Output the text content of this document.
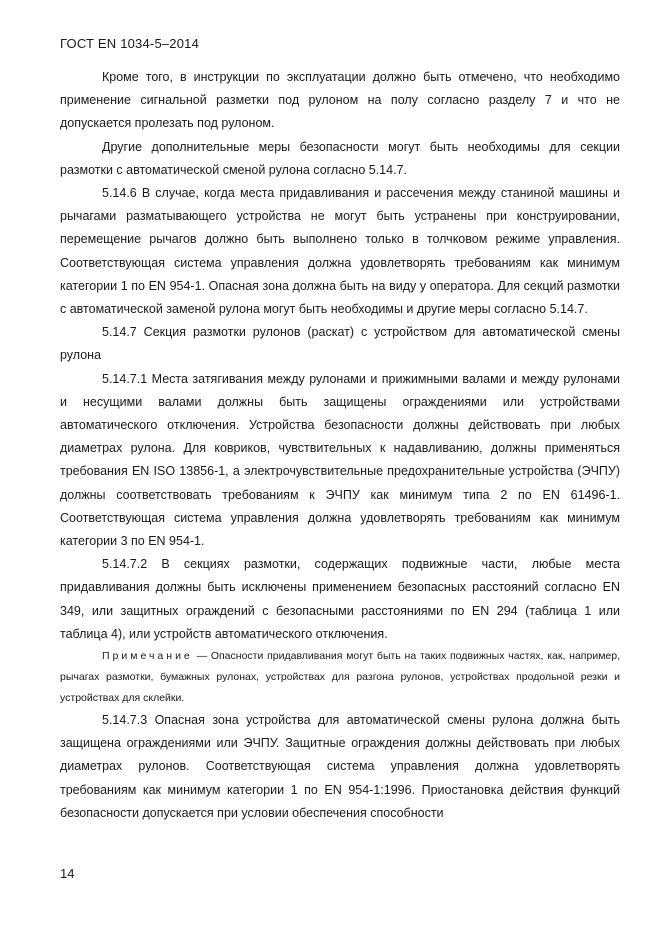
ГОСТ EN 1034-5–2014

Кроме того, в инструкции по эксплуатации должно быть отмечено, что необходимо применение сигнальной разметки под рулоном на полу согласно разделу 7 и что не допускается пролезать под рулоном.

Другие дополнительные меры безопасности могут быть необходимы для секции размотки с автоматической сменой рулона согласно 5.14.7.

5.14.6 В случае, когда места придавливания и рассечения между станиной машины и рычагами разматывающего устройства не могут быть устранены при конструировании, перемещение рычагов должно быть выполнено только в толчковом режиме управления. Соответствующая система управления должна удовлетворять требованиям как минимум категории 1 по EN 954-1. Опасная зона должна быть на виду у оператора. Для секций размотки с автоматической заменой рулона могут быть необходимы и другие меры согласно 5.14.7.

5.14.7 Секция размотки рулонов (раскат) с устройством для автоматической смены рулона

5.14.7.1 Места затягивания между рулонами и прижимными валами и между рулонами и несущими валами должны быть защищены ограждениями или устройствами автоматического отключения. Устройства безопасности должны действовать при любых диаметрах рулона. Для ковриков, чувствительных к надавливанию, должны применяться требования EN ISO 13856-1, а электрочувствительные предохранительные устройства (ЭЧПУ) должны соответствовать требованиям к ЭЧПУ как минимум типа 2 по EN 61496-1. Соответствующая система управления должна удовлетворять требованиям как минимум категории 3 по EN 954-1.

5.14.7.2 В секциях размотки, содержащих подвижные части, любые места придавливания должны быть исключены применением безопасных расстояний согласно EN 349, или защитных ограждений с безопасными расстояниями по EN 294 (таблица 1 или таблица 4), или устройств автоматического отключения.

Примечание — Опасности придавливания могут быть на таких подвижных частях, как, например, рычагах размотки, бумажных рулонах, устройствах для разгона рулонов, устройствах продольной резки и устройствах для склейки.

5.14.7.3 Опасная зона устройства для автоматической смены рулона должна быть защищена ограждениями или ЭЧПУ. Защитные ограждения должны действовать при любых диаметрах рулонов. Соответствующая система управления должна удовлетворять требованиям как минимум категории 1 по EN 954-1:1996. Приостановка действия функций безопасности допускается при условии обеспечения способности

14
